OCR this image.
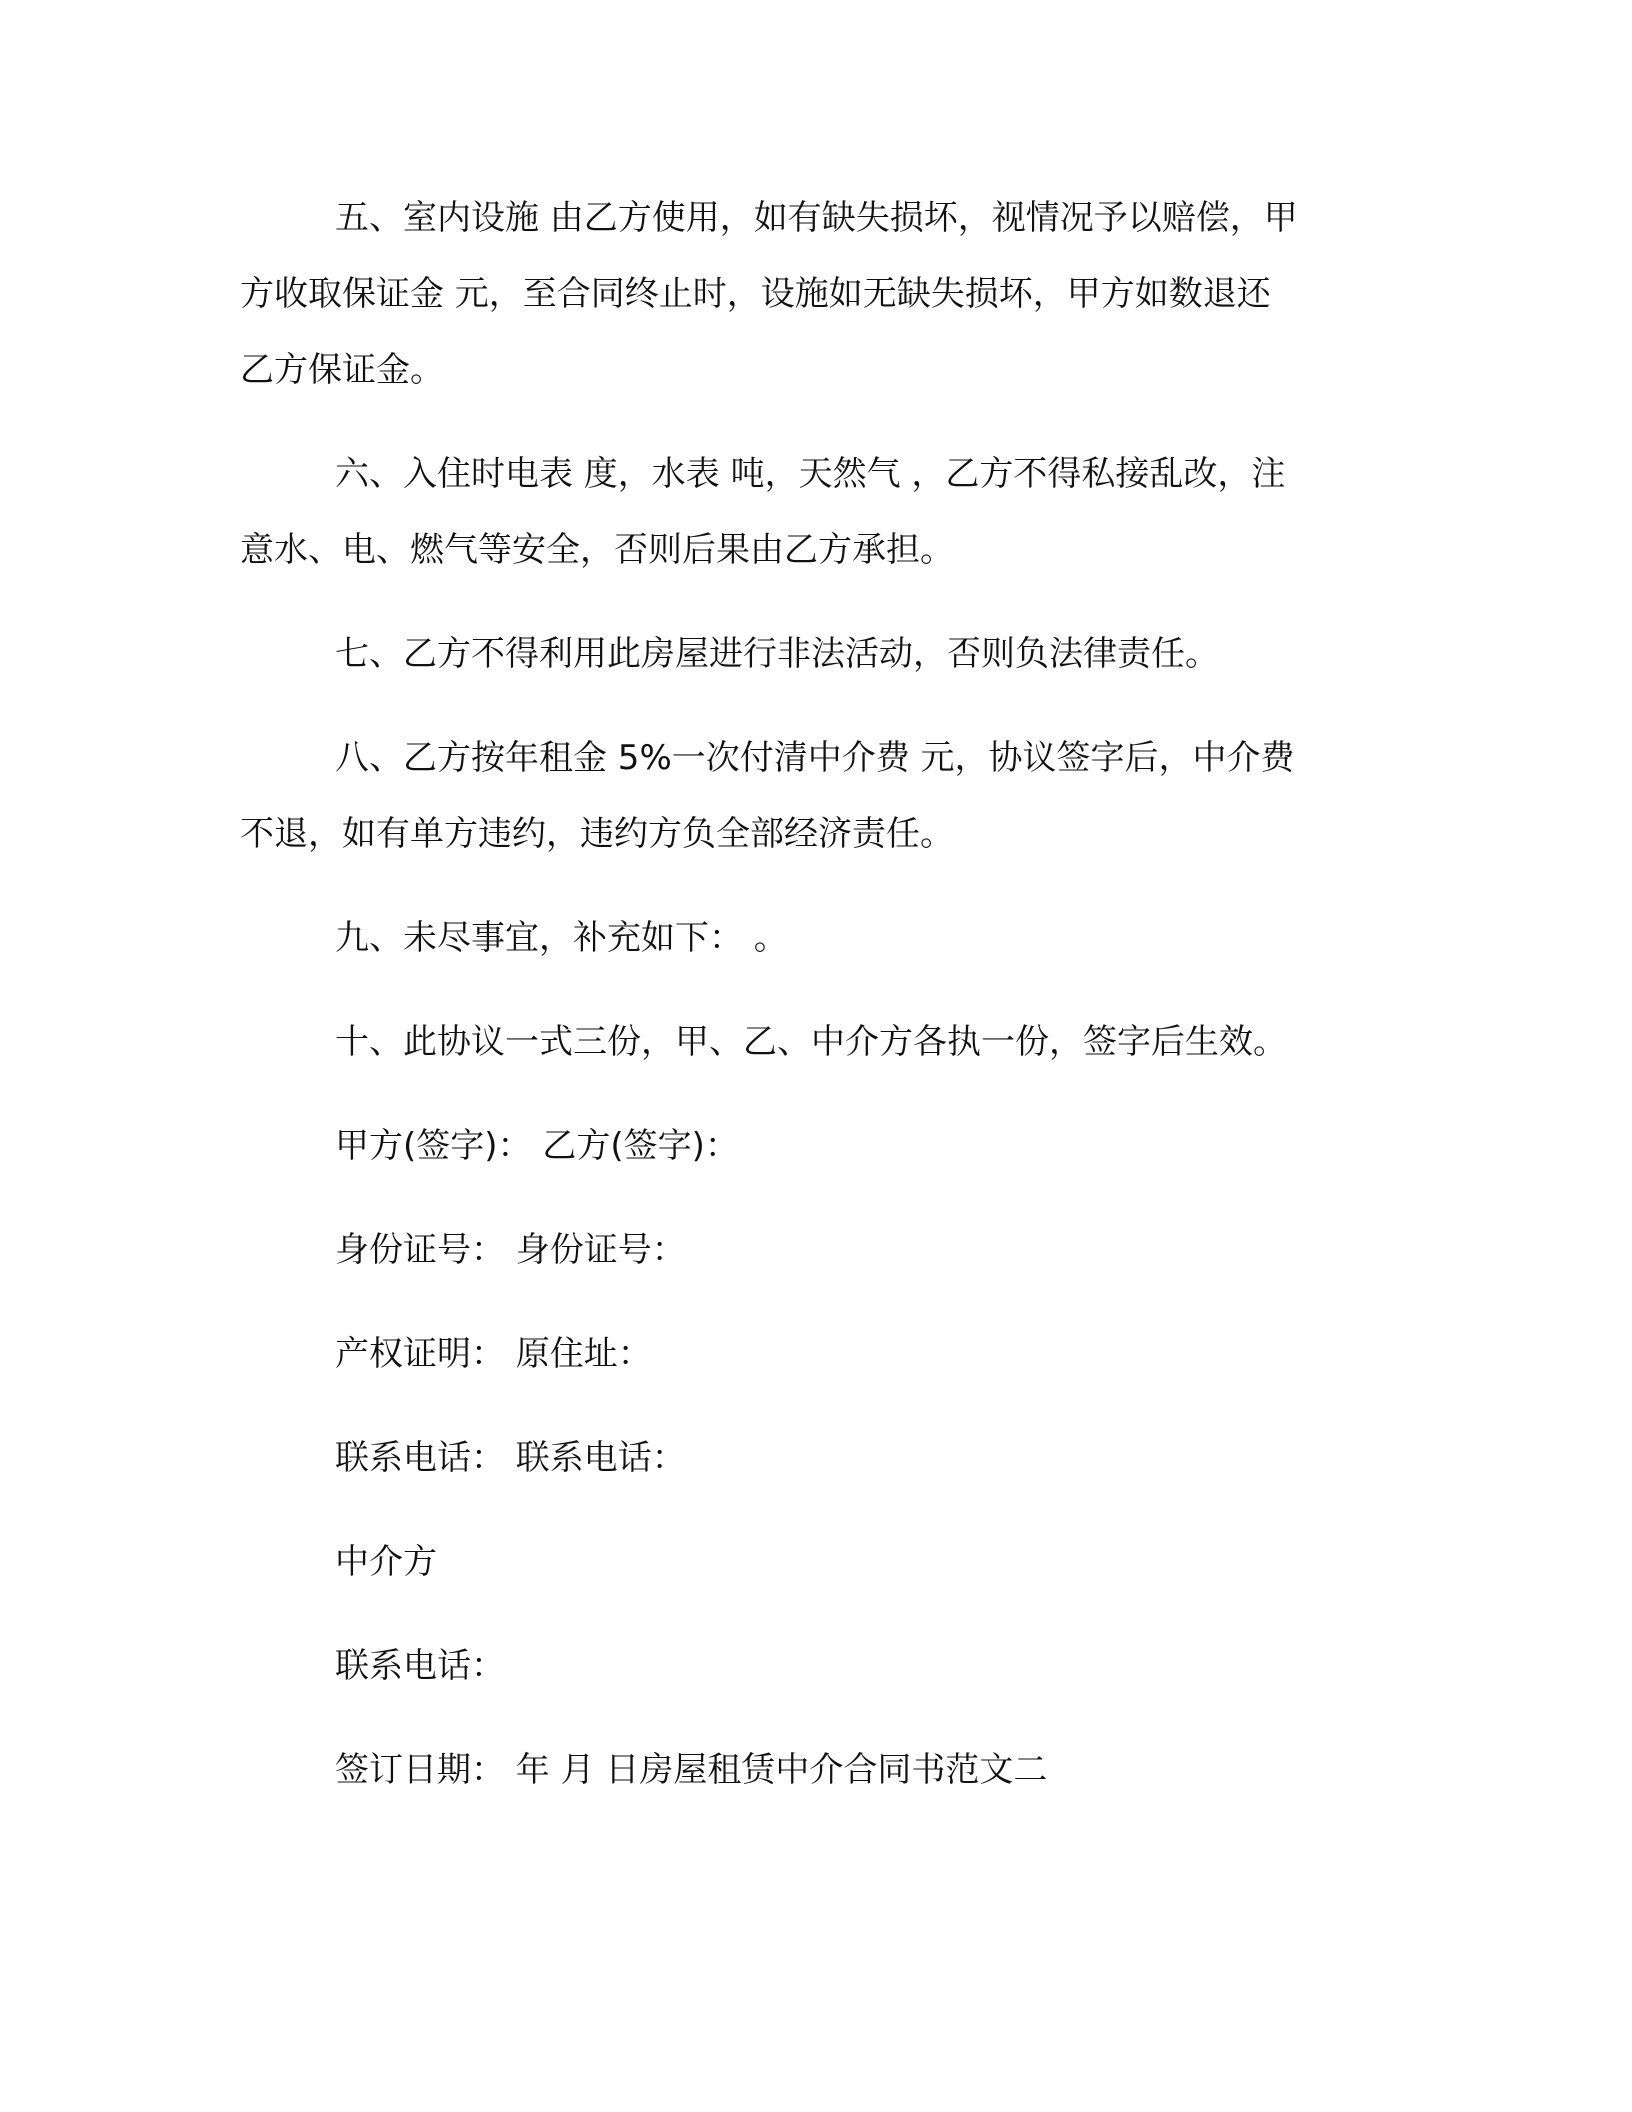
五、室内设施 由乙方使用，如有缺失损坏，视情况予以赔偿，甲
方收取保证金 元，至合同终止时，设施如无缺失损坏，甲方如数退还
乙方保证金。
六、入住时电表 度，水表 吨，天然气 ，乙方不得私接乱改，注
意水、电、燃气等安全，否则后果由乙方承担。
七、乙方不得利用此房屋进行非法活动，否则负法律责任。
八、乙方按年租金 5%一次付清中介费 元，协议签字后，中介费
不退，如有单方违约，违约方负全部经济责任。
九、未尽事宜，补充如下： 。
十、此协议一式三份，甲、乙、中介方各执一份，签字后生效。
甲方(签字)： 乙方(签字)：
身份证号： 身份证号：
产权证明： 原住址：
联系电话： 联系电话：
中介方
联系电话：
签订日期： 年 月 日房屋租赁中介合同书范文二
